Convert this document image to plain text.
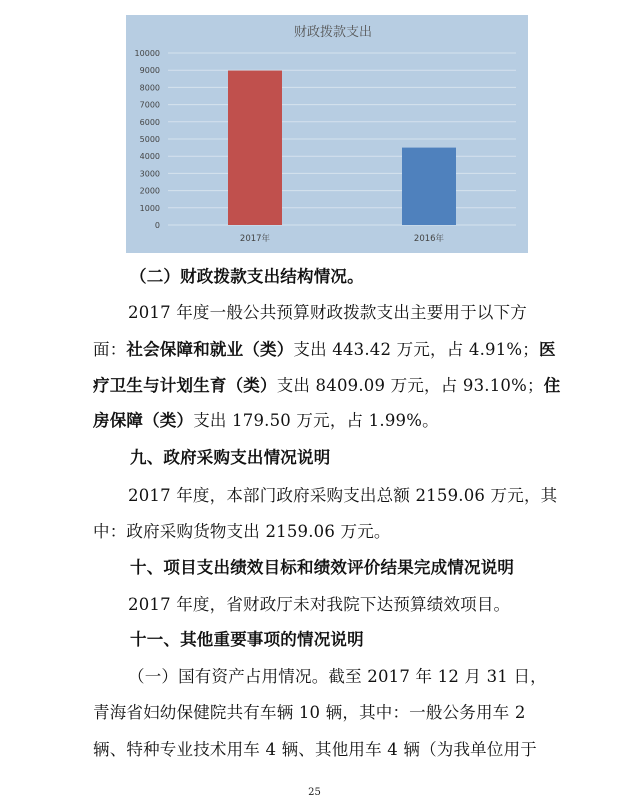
财政拨款支出
0
1000
2000
3000
4000
5000
6000
7000
8000
9000
10000
2017年	2016年
（二）财政拨款支出结构情况。
2017 年度一般公共预算财政拨款支出主要用于以下方
面：社会保障和就业（类）支出 443.42 万元，占 4.91%；医
疗卫生与计划生育（类）支出 8409.09 万元，占 93.10%；住
房保障（类）支出 179.50 万元，占 1.99%。
九、政府采购支出情况说明
2017 年度，本部门政府采购支出总额 2159.06 万元，其
中：政府采购货物支出 2159.06 万元。
十、项目支出绩效目标和绩效评价结果完成情况说明
2017 年度，省财政厅未对我院下达预算绩效项目。
十一、其他重要事项的情况说明
（一）国有资产占用情况。截至 2017 年 12 月 31 日，
青海省妇幼保健院共有车辆 10 辆，其中：一般公务用车 2
辆、特种专业技术用车 4 辆、其他用车 4 辆（为我单位用于
25
